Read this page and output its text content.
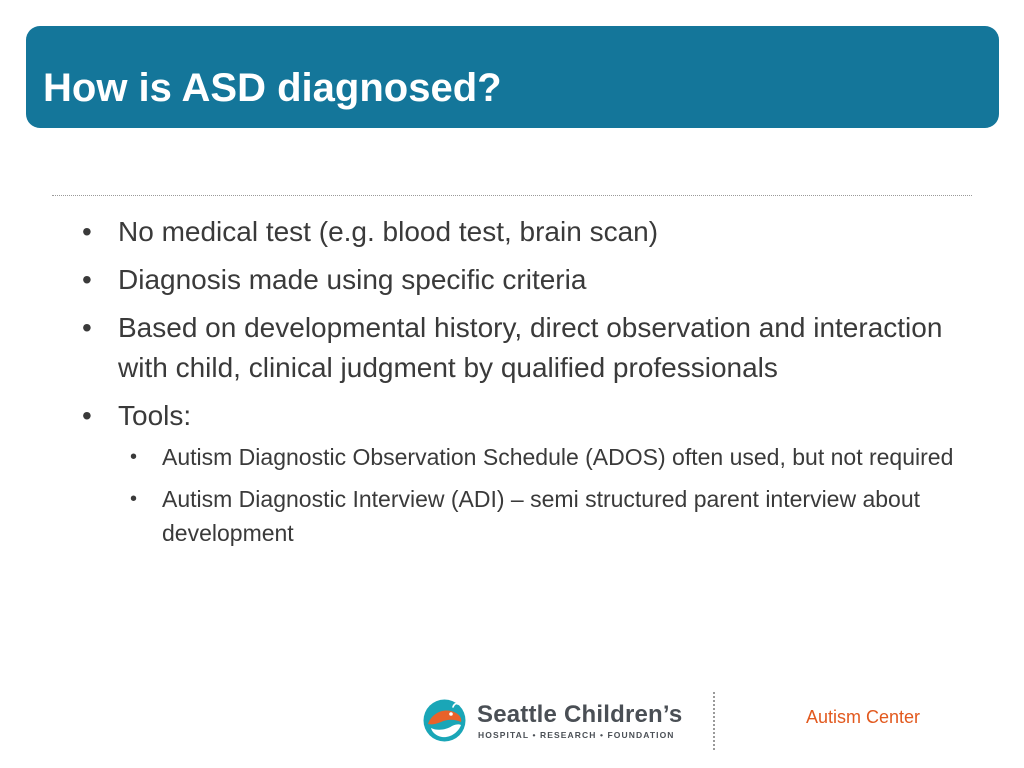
How is ASD diagnosed?
• No medical test (e.g. blood test, brain scan)
• Diagnosis made using specific criteria
• Based on developmental history, direct observation and interaction with child, clinical judgment by qualified professionals
• Tools:
• Autism Diagnostic Observation Schedule (ADOS) often used, but not required
• Autism Diagnostic Interview (ADI) – semi structured parent interview about development
Seattle Children’s
HOSPITAL • RESEARCH • FOUNDATION
Autism Center
